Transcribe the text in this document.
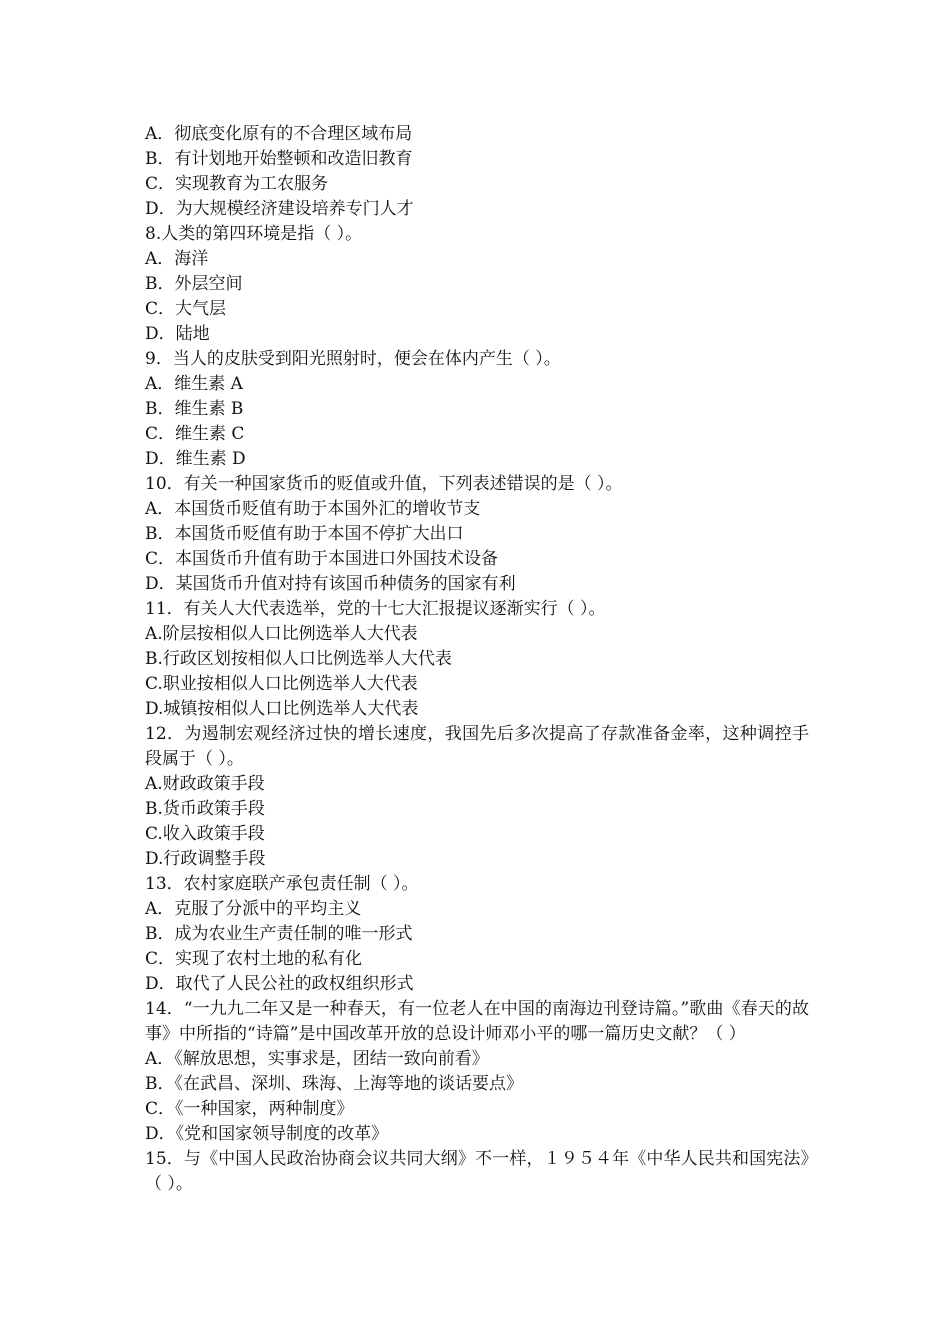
A．彻底变化原有的不合理区域布局

B．有计划地开始整顿和改造旧教育

C．实现教育为工农服务

D．为大规模经济建设培养专门人才

8.人类的第四环境是指（ ）。

A．海洋

B．外层空间

C．大气层

D．陆地

9．当人的皮肤受到阳光照射时，便会在体内产生（ ）。

A．维生素 A

B．维生素 B

C．维生素 C

D．维生素 D

10．有关一种国家货币的贬值或升值，下列表述错误的是（ ）。

A．本国货币贬值有助于本国外汇的增收节支

B．本国货币贬值有助于本国不停扩大出口

C．本国货币升值有助于本国进口外国技术设备

D．某国货币升值对持有该国币种债务的国家有利

11．有关人大代表选举，党的十七大汇报提议逐渐实行（ ）。

A.阶层按相似人口比例选举人大代表

B.行政区划按相似人口比例选举人大代表

C.职业按相似人口比例选举人大代表

D.城镇按相似人口比例选举人大代表

12．为遏制宏观经济过快的增长速度，我国先后多次提高了存款准备金率，这种调控手段属于（ ）。

A.财政政策手段

B.货币政策手段

C.收入政策手段

D.行政调整手段

13．农村家庭联产承包责任制（ ）。

A．克服了分派中的平均主义

B．成为农业生产责任制的唯一形式

C．实现了农村土地的私有化

D．取代了人民公社的政权组织形式

14．“一九九二年又是一种春天，有一位老人在中国的南海边刊登诗篇。”歌曲《春天的故事》中所指的“诗篇”是中国改革开放的总设计师邓小平的哪一篇历史文献？（ ）

A．《解放思想，实事求是，团结一致向前看》

B．《在武昌、深圳、珠海、上海等地的谈话要点》

C．《一种国家，两种制度》

D．《党和国家领导制度的改革》

15．与《中国人民政治协商会议共同大纲》不一样，１９５４年《中华人民共和国宪法》（ ）。
